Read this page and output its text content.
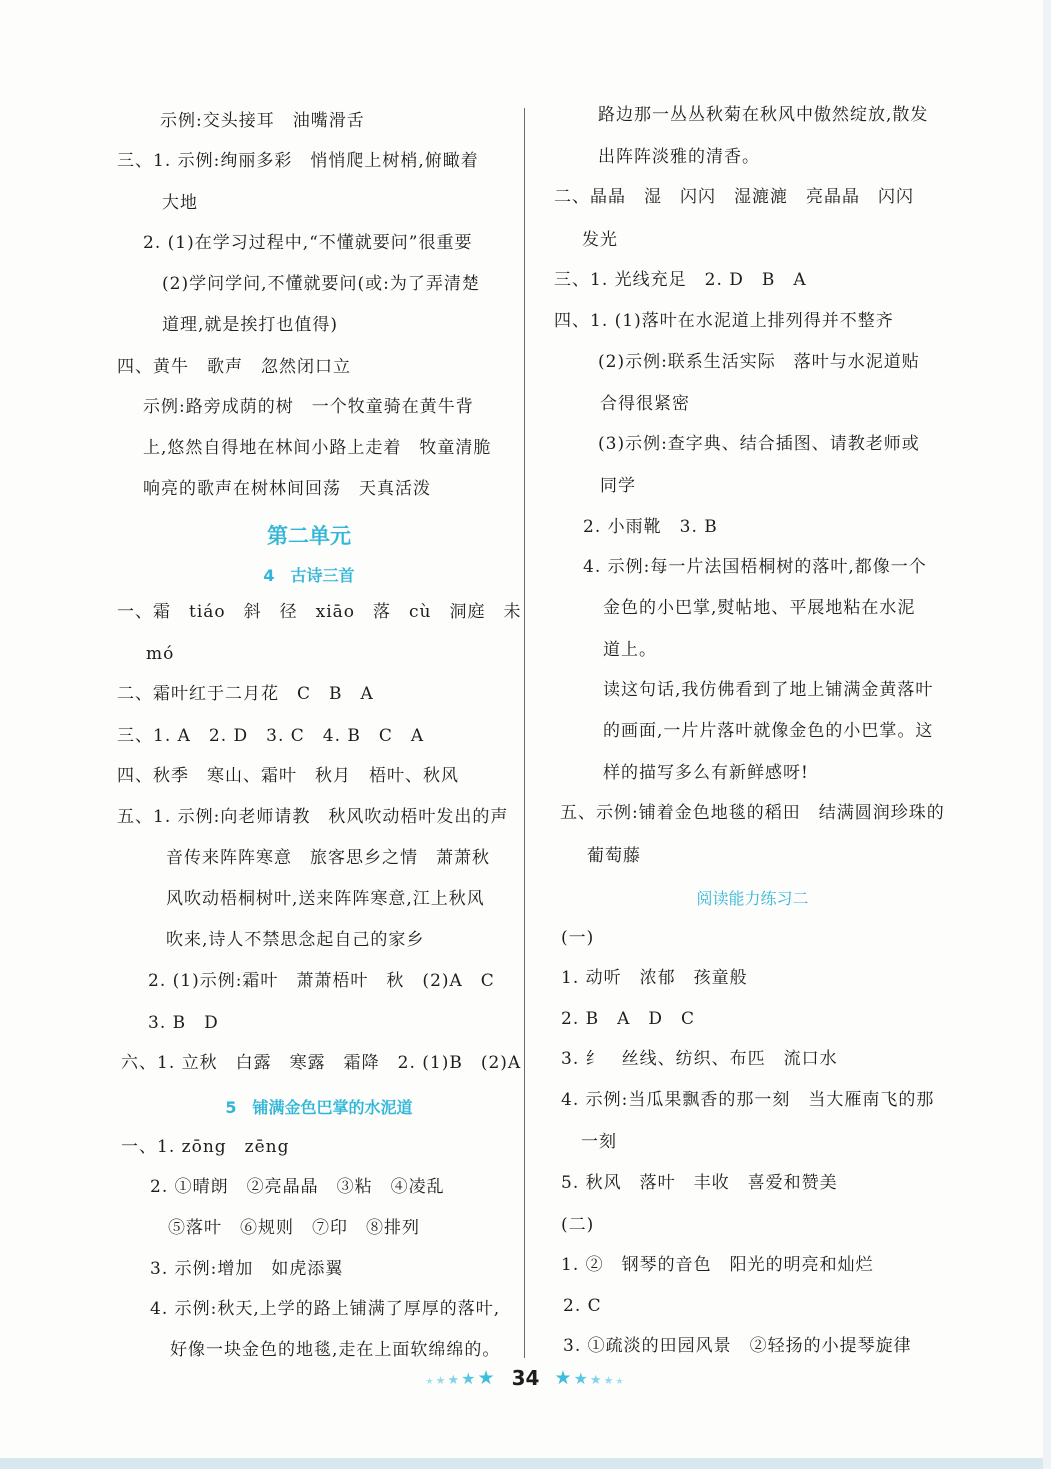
示例:交头接耳　油嘴滑舌
三、1. 示例:绚丽多彩　悄悄爬上树梢,俯瞰着
大地
2. (1)在学习过程中,“不懂就要问”很重要
(2)学问学问,不懂就要问(或:为了弄清楚
道理,就是挨打也值得)
四、黄牛　歌声　忽然闭口立
示例:路旁成荫的树　一个牧童骑在黄牛背
上,悠然自得地在林间小路上走着　牧童清脆
响亮的歌声在树林间回荡　天真活泼
第二单元
4　古诗三首
一、霜　tiáo　斜　径　xiāo　落　cù　洞庭　未
mó
二、霜叶红于二月花　C　B　A
三、1. A　2. D　3. C　4. B　C　A
四、秋季　寒山、霜叶　秋月　梧叶、秋风
五、1. 示例:向老师请教　秋风吹动梧叶发出的声
音传来阵阵寒意　旅客思乡之情　萧萧秋
风吹动梧桐树叶,送来阵阵寒意,江上秋风
吹来,诗人不禁思念起自己的家乡
2. (1)示例:霜叶　萧萧梧叶　秋　(2)A　C
3. B　D
六、1. 立秋　白露　寒露　霜降　2. (1)B　(2)A
5　铺满金色巴掌的水泥道
一、1. zōng　zēng
2. ①晴朗　②亮晶晶　③粘　④凌乱
⑤落叶　⑥规则　⑦印　⑧排列
3. 示例:增加　如虎添翼
4. 示例:秋天,上学的路上铺满了厚厚的落叶,
好像一块金色的地毯,走在上面软绵绵的。
路边那一丛丛秋菊在秋风中傲然绽放,散发
出阵阵淡雅的清香。
二、晶晶　湿　闪闪　湿漉漉　亮晶晶　闪闪
发光
三、1. 光线充足　2. D　B　A
四、1. (1)落叶在水泥道上排列得并不整齐
(2)示例:联系生活实际　落叶与水泥道贴
合得很紧密
(3)示例:查字典、结合插图、请教老师或
同学
2. 小雨靴　3. B
4. 示例:每一片法国梧桐树的落叶,都像一个
金色的小巴掌,熨帖地、平展地粘在水泥
道上。
读这句话,我仿佛看到了地上铺满金黄落叶
的画面,一片片落叶就像金色的小巴掌。这
样的描写多么有新鲜感呀!
五、示例:铺着金色地毯的稻田　结满圆润珍珠的
葡萄藤
阅读能力练习二
(一)
1. 动听　浓郁　孩童般
2. B　A　D　C
3. 纟　丝线、纺织、布匹　流口水
4. 示例:当瓜果飘香的那一刻　当大雁南飞的那
一刻
5. 秋风　落叶　丰收　喜爱和赞美
(二)
1. ②　钢琴的音色　阳光的明亮和灿烂
2. C
3. ①疏淡的田园风景　②轻扬的小提琴旋律
★★★★★ 34 ★★★★★
